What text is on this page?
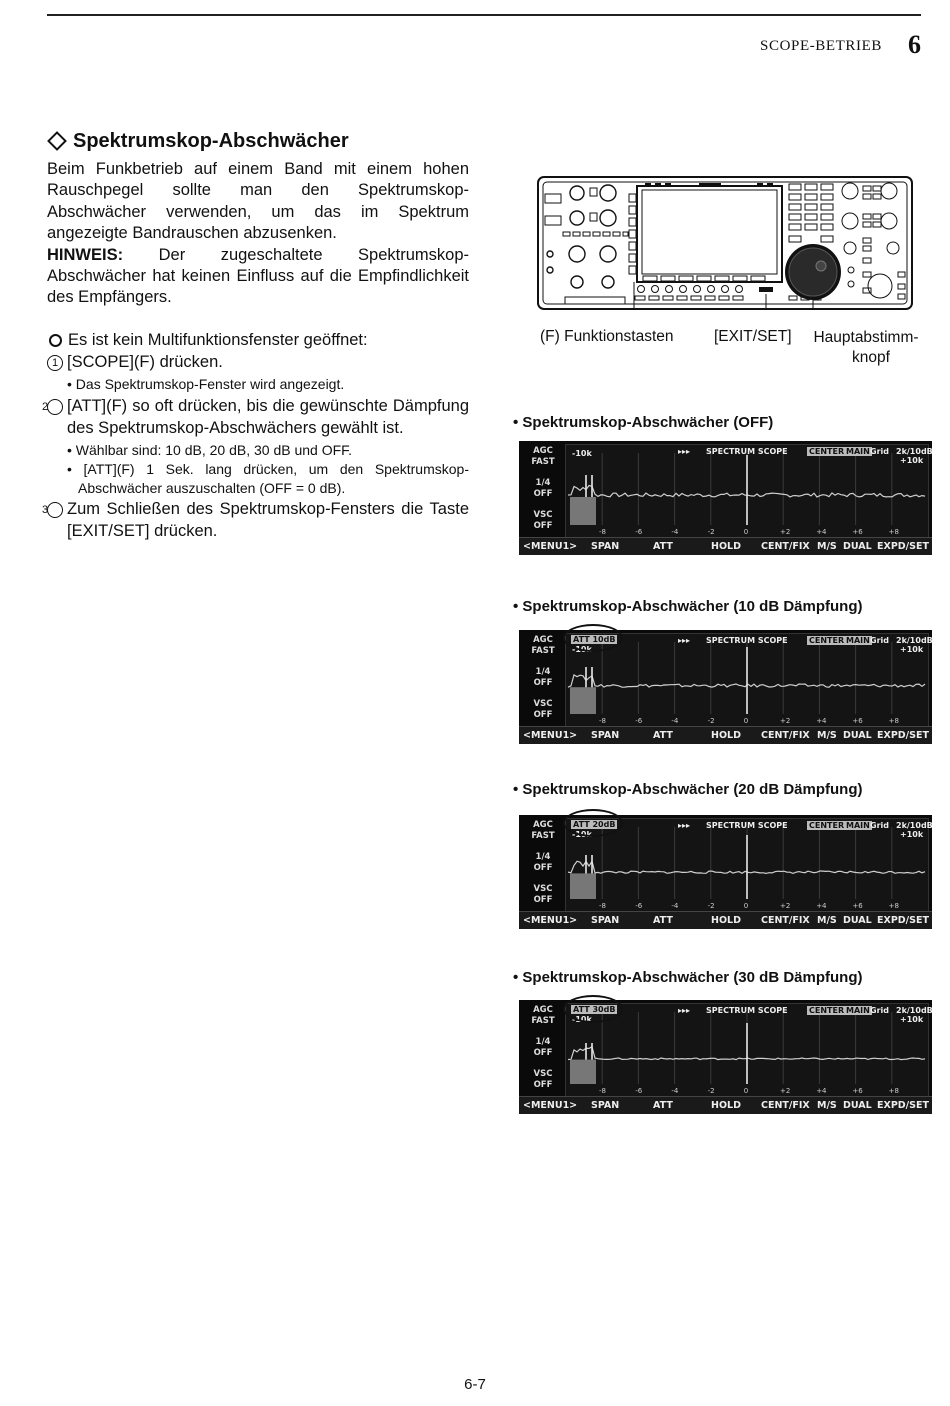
SCOPE-BETRIEB 6
Spektrumskop-Abschwächer
Beim Funkbetrieb auf einem Band mit einem hohen Rauschpegel sollte man den Spektrumskop-Abschwächer verwenden, um das im Spektrum angezeigte Bandrauschen abzusenken.
HINWEIS: Der zugeschaltete Spektrumskop-Abschwächer hat keinen Einfluss auf die Empfindlichkeit des Empfängers.
Es ist kein Multifunktionsfenster geöffnet:
1 [SCOPE](F) drücken.
• Das Spektrumskop-Fenster wird angezeigt.
2 [ATT](F) so oft drücken, bis die gewünschte Dämpfung des Spektrumskop-Abschwächers gewählt ist.
• Wählbar sind: 10 dB, 20 dB, 30 dB und OFF.
• [ATT](F) 1 Sek. lang drücken, um den Spektrumskop-Abschwächer auszuschalten (OFF = 0 dB).
3 Zum Schließen des Spektrumskop-Fensters die Taste [EXIT/SET] drücken.
(F) Funktionstasten	[EXIT/SET] Hauptabstimm-
knopf
• Spektrumskop-Abschwächer (OFF)
• Spektrumskop-Abschwächer (10 dB Dämpfung)
• Spektrumskop-Abschwächer (20 dB Dämpfung)
• Spektrumskop-Abschwächer (30 dB Dämpfung)
AGC
FAST
1/4
OFF
VSC
OFF
▸▸▸ SPECTRUM SCOPE	CENTER MAIN Grid 2k/10dB
+10k
-10k
-8	-6	-4	-2	0	+2	+4	+6	+8
<MENU1> SPAN	ATT	HOLD CENT/FIX M/S DUAL EXPD/SET
AGC
FAST
1/4
OFF
VSC
OFF
▸▸▸ SPECTRUM SCOPE	CENTER MAIN Grid 2k/10dB
+10k
-10k
ATT 10dB
-8	-6	-4	-2	0	+2	+4	+6	+8
<MENU1> SPAN	ATT	HOLD CENT/FIX M/S DUAL EXPD/SET
AGC
FAST
1/4
OFF
VSC
OFF
▸▸▸ SPECTRUM SCOPE	CENTER MAIN Grid 2k/10dB
+10k
-10k
ATT 20dB
-8	-6	-4	-2	0	+2	+4	+6	+8
<MENU1> SPAN	ATT	HOLD CENT/FIX M/S DUAL EXPD/SET
AGC
FAST
1/4
OFF
VSC
OFF
▸▸▸ SPECTRUM SCOPE	CENTER MAIN Grid 2k/10dB
+10k
-10k
ATT 30dB
-8	-6	-4	-2	0	+2	+4	+6	+8
<MENU1> SPAN	ATT	HOLD CENT/FIX M/S DUAL EXPD/SET
6-7
